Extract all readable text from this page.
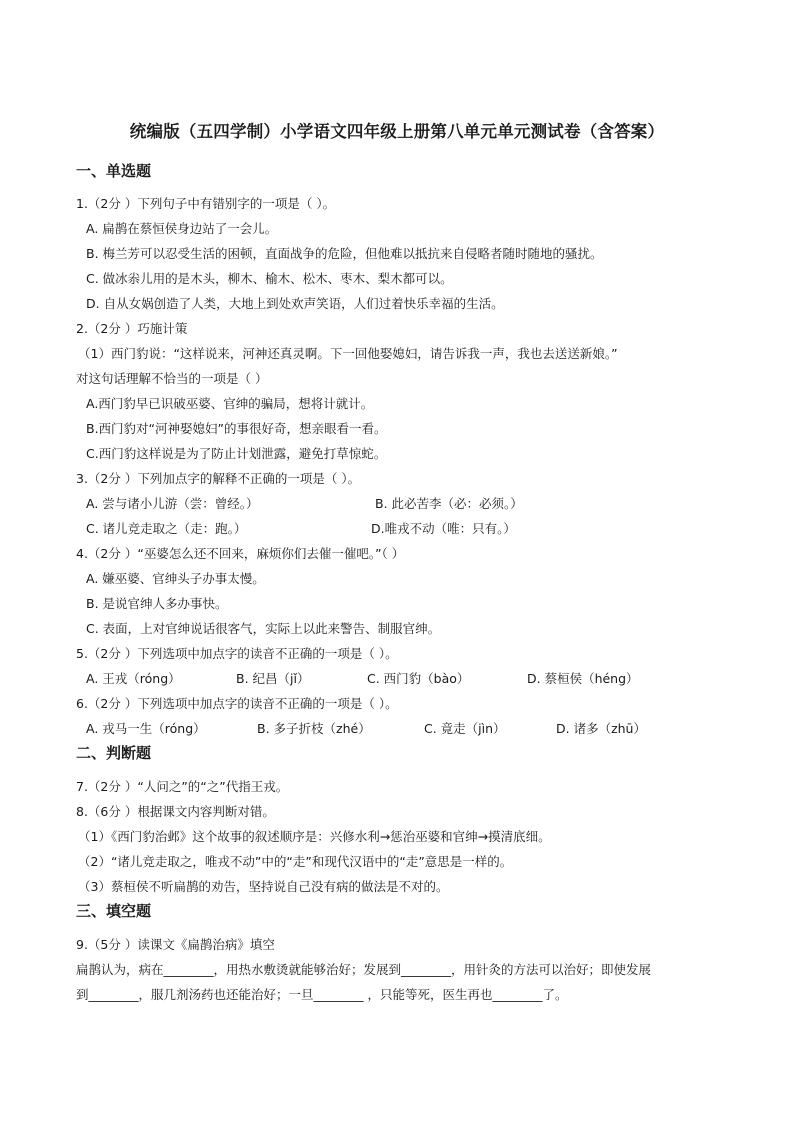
统编版（五四学制）小学语文四年级上册第八单元单元测试卷（含答案）
一、单选题
1.（2分 ）下列句子中有错别字的一项是（ ）。
A. 扁鹊在蔡恒侯身边站了一会儿。
B. 梅兰芳可以忍受生活的困顿，直面战争的危险，但他难以抵抗来自侵略者随时随地的骚扰。
C. 做冰尜儿用的是木头，柳木、榆木、松木、枣木、梨木都可以。
D. 自从女娲创造了人类，大地上到处欢声笑语，人们过着快乐幸福的生活。
2.（2分 ）巧施计策
（1）西门豹说：“这样说来，河神还真灵啊。下一回他娶媳妇，请告诉我一声，我也去送送新娘。”
对这句话理解不恰当的一项是（ ）
A.西门豹早已识破巫婆、官绅的骗局，想将计就计。
B.西门豹对“河神娶媳妇”的事很好奇，想亲眼看一看。
C.西门豹这样说是为了防止计划泄露，避免打草惊蛇。
3.（2分 ）下列加点字的解释不正确的一项是（ ）。
A. 尝与诸小儿游（尝：曾经。）	B. 此必苦李（必：必须。）
C. 诸儿竞走取之（走：跑。）	D.唯戎不动（唯：只有。）
4.（2分 ）“巫婆怎么还不回来，麻烦你们去催一催吧。”（ ）
A. 嫌巫婆、官绅头子办事太慢。
B. 是说官绅人多办事快。
C. 表面，上对官绅说话很客气，实际上以此来警告、制服官绅。
5.（2分 ）下列选项中加点字的读音不正确的一项是（ ）。
A. 王戎（róng）	B. 纪昌（jǐ）	C. 西门豹（bào）	D. 蔡桓侯（héng）
6.（2分 ）下列选项中加点字的读音不正确的一项是（ ）。
A. 戎马一生（róng）	B. 多子折枝（zhé）	C. 竟走（jìn）	D. 诸多（zhū）
二、判断题
7.（2分 ）“人问之”的“之”代指王戎。
8.（6分 ）根据课文内容判断对错。
（1）《西门豹治邺》这个故事的叙述顺序是：兴修水利→惩治巫婆和官绅→摸清底细。
（2）“诸儿竞走取之，唯戎不动”中的“走”和现代汉语中的“走”意思是一样的。
（3）蔡桓侯不听扁鹊的劝告，坚持说自己没有病的做法是不对的。
三、填空题
9.（5分 ）读课文《扁鹊治病》填空
扁鹊认为，病在________，用热水敷烫就能够治好；发展到________，用针灸的方法可以治好；即使发展
到________，服几剂汤药也还能治好；一旦________ ，只能等死，医生再也________了。
